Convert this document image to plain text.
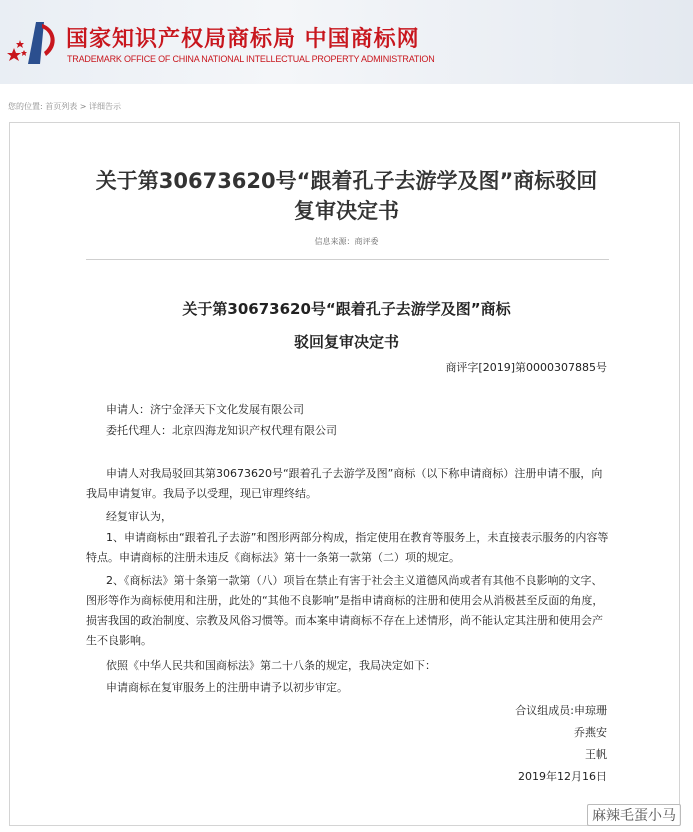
国家知识产权局商标局 中国商标网
TRADEMARK OFFICE OF CHINA NATIONAL INTELLECTUAL PROPERTY ADMINISTRATION
您的位置: 首页列表 > 详细告示
关于第30673620号“跟着孔子去游学及图”商标驳回
复审决定书
信息来源：商评委
关于第30673620号“跟着孔子去游学及图”商标
驳回复审决定书
商评字[2019]第0000307885号
申请人：济宁金泽天下文化发展有限公司
委托代理人：北京四海龙知识产权代理有限公司
申请人对我局驳回其第30673620号“跟着孔子去游学及图”商标（以下称申请商标）注册申请不服，向我局申请复审。我局予以受理，现已审理终结。
经复审认为，
1、申请商标由“跟着孔子去游”和图形两部分构成，指定使用在教育等服务上，未直接表示服务的内容等特点。申请商标的注册未违反《商标法》第十一条第一款第（二）项的规定。
2、《商标法》第十条第一款第（八）项旨在禁止有害于社会主义道德风尚或者有其他不良影响的文字、图形等作为商标使用和注册，此处的“其他不良影响”是指申请商标的注册和使用会从消极甚至反面的角度，损害我国的政治制度、宗教及风俗习惯等。而本案申请商标不存在上述情形，尚不能认定其注册和使用会产生不良影响。
依照《中华人民共和国商标法》第二十八条的规定，我局决定如下：
申请商标在复审服务上的注册申请予以初步审定。
合议组成员:申琼珊
乔燕安
王帆
2019年12月16日
麻辣毛蛋小马
